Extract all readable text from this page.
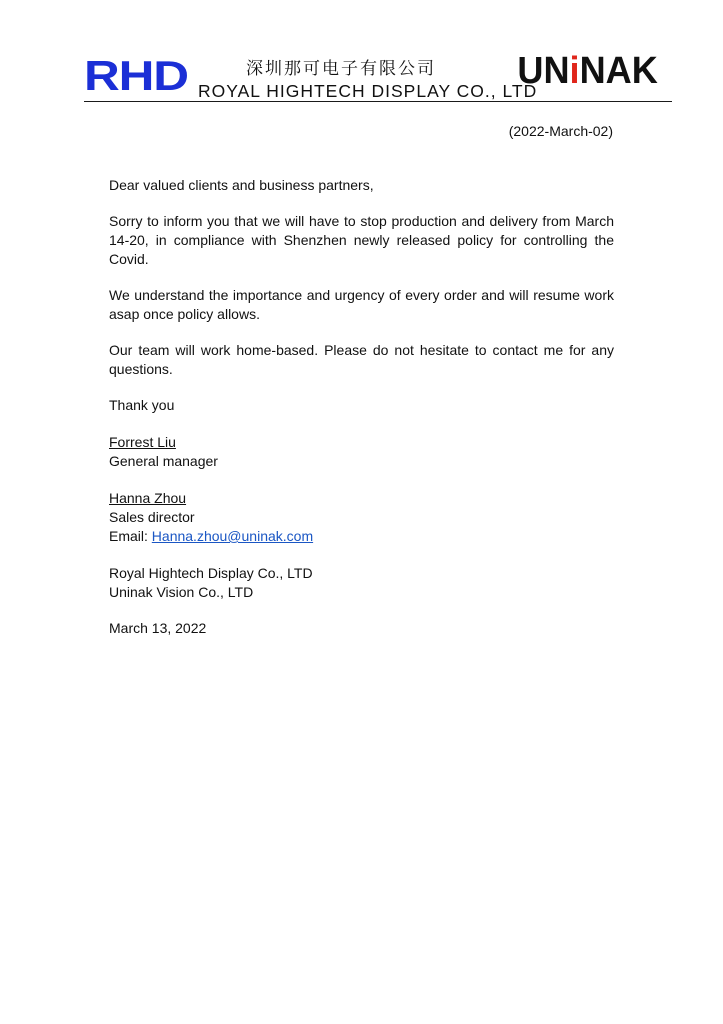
RHD	深圳那可电子有限公司
ROYAL HIGHTECH DISPLAY CO., LTD
UNiNAK
(2022-March-02)

Dear valued clients and business partners,

Sorry to inform you that we will have to stop production and delivery from March 14-20, in compliance with Shenzhen newly released policy for controlling the Covid.

We understand the importance and urgency of every order and will resume work asap once policy allows.

Our team will work home-based. Please do not hesitate to contact me for any questions.

Thank you

Forrest Liu

General manager

Hanna Zhou

Sales director

Email: Hanna.zhou@uninak.com

Royal Hightech Display Co., LTD

Uninak Vision Co., LTD

March 13, 2022
